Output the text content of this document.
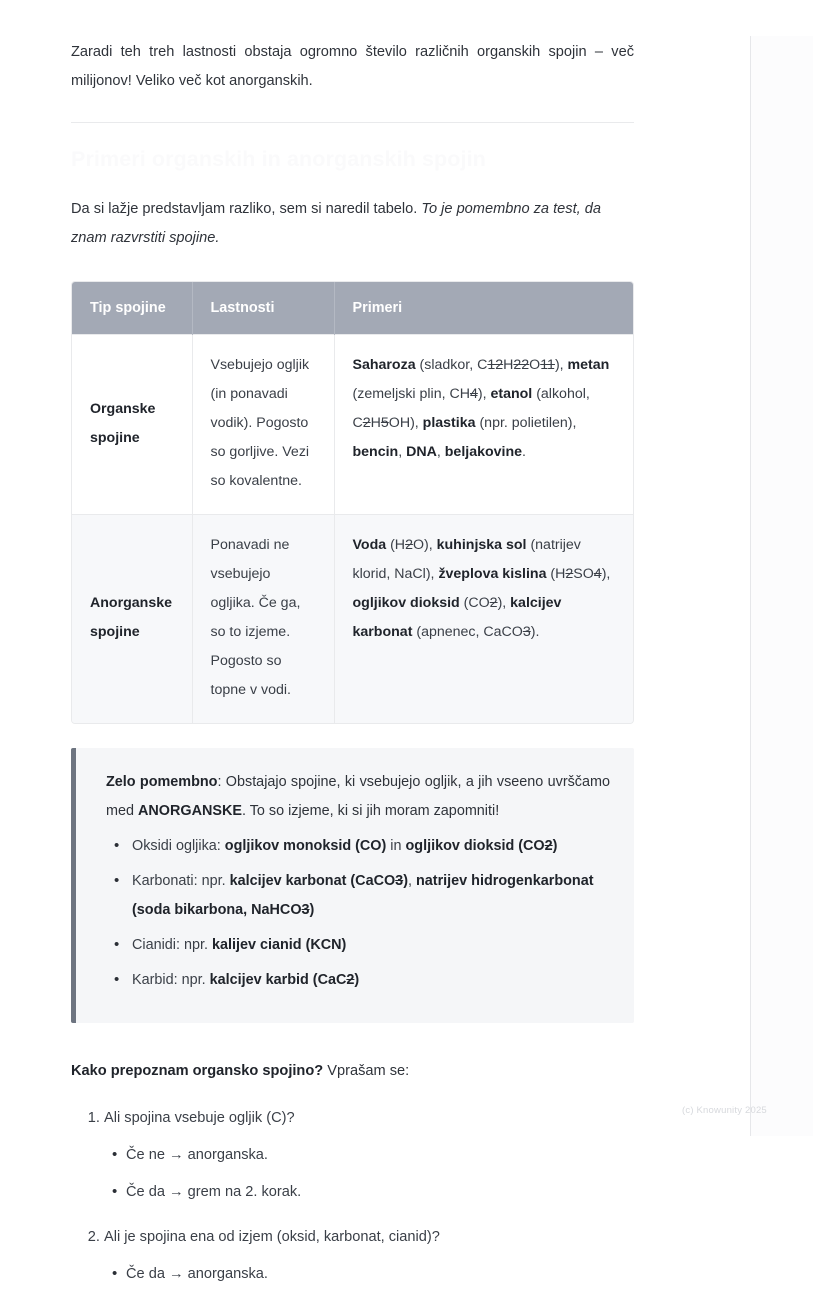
Zaradi teh treh lastnosti obstaja ogromno število različnih organskih spojin – več milijonov! Veliko več kot anorganskih.

Primeri organskih in anorganskih spojin

Da si lažje predstavljam razliko, sem si naredil tabelo. To je pomembno za test, da znam razvrstiti spojine.

Tip spojine	Lastnosti	Primeri
Organske spojine	Vsebujejo ogljik (in ponavadi vodik). Pogosto so gorljive. Vezi so kovalentne.	Saharoza (sladkor, C12H22O11), metan (zemeljski plin, CH4), etanol (alkohol, C2H5OH), plastika (npr. polietilen), bencin, DNA, beljakovine.
Anorganske spojine	Ponavadi ne vsebujejo ogljika. Če ga, so to izjeme. Pogosto so topne v vodi.	Voda (H2O), kuhinjska sol (natrijev klorid, NaCl), žveplova kislina (H2SO4), ogljikov dioksid (CO2), kalcijev karbonat (apnenec, CaCO3).

Zelo pomembno: Obstajajo spojine, ki vsebujejo ogljik, a jih vseeno uvrščamo med ANORGANSKE. To so izjeme, ki si jih moram zapomniti!

• Oksidi ogljika: ogljikov monoksid (CO) in ogljikov dioksid (CO2)
• Karbonati: npr. kalcijev karbonat (CaCO3), natrijev hidrogenkarbonat (soda bikarbona, NaHCO3)
• Cianidi: npr. kalijev cianid (KCN)
• Karbid: npr. kalcijev karbid (CaC2)

Kako prepoznam organsko spojino? Vprašam se:

1. Ali spojina vsebuje ogljik (C)?
• Če ne → anorganska.
• Če da → grem na 2. korak.
2. Ali je spojina ena od izjem (oksid, karbonat, cianid)?
• Če da → anorganska.
(c) Knowunity 2025
